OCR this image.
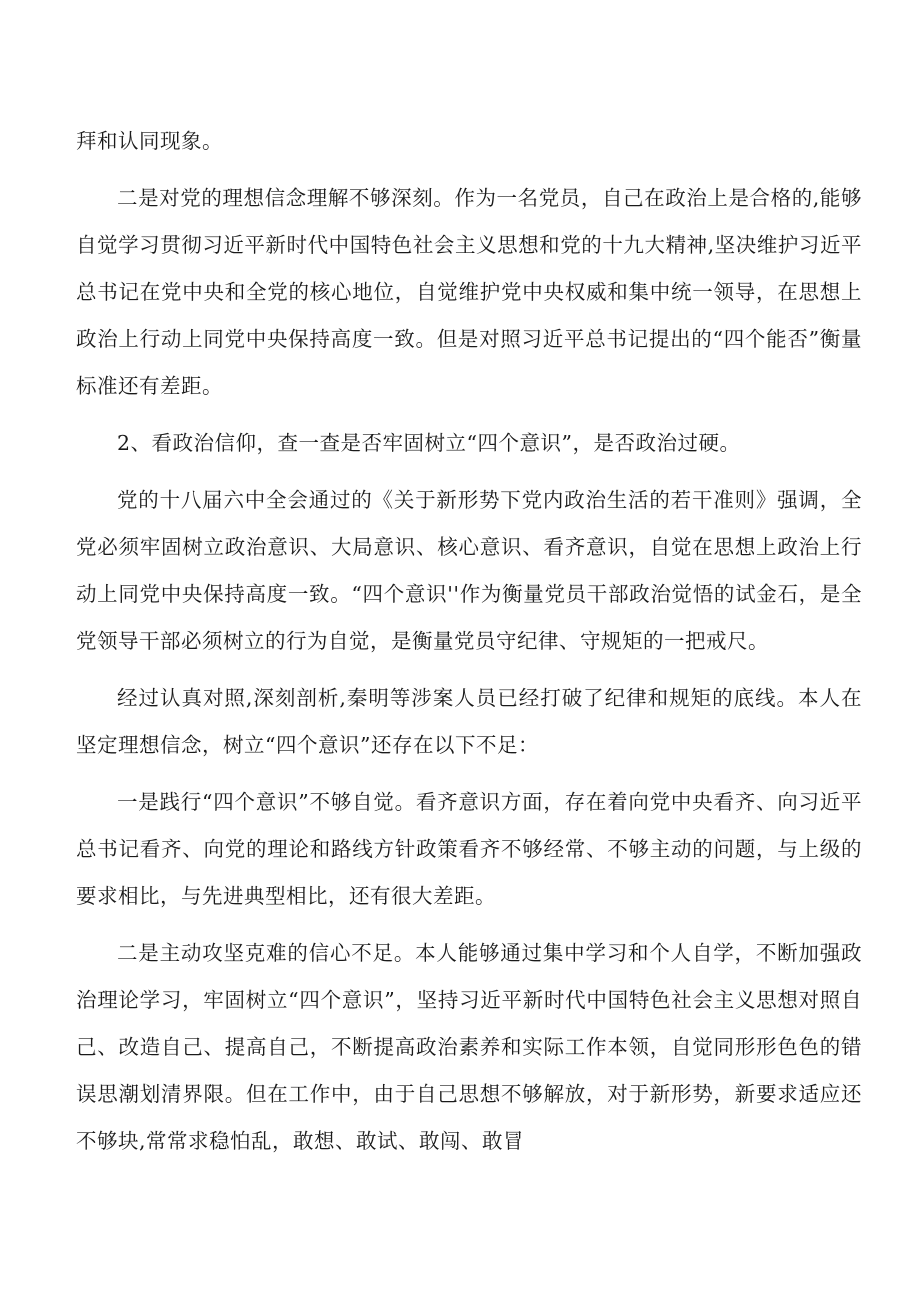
拜和认同现象。

二是对党的理想信念理解不够深刻。作为一名党员，自己在政治上是合格的,能够自觉学习贯彻习近平新时代中国特色社会主义思想和党的十九大精神,坚决维护习近平总书记在党中央和全党的核心地位，自觉维护党中央权威和集中统一领导，在思想上政治上行动上同党中央保持高度一致。但是对照习近平总书记提出的“四个能否”衡量标准还有差距。

2、看政治信仰，查一查是否牢固树立“四个意识”，是否政治过硬。

党的十八届六中全会通过的《关于新形势下党内政治生活的若干准则》强调，全党必须牢固树立政治意识、大局意识、核心意识、看齐意识，自觉在思想上政治上行动上同党中央保持高度一致。“四个意识''作为衡量党员干部政治觉悟的试金石，是全党领导干部必须树立的行为自觉，是衡量党员守纪律、守规矩的一把戒尺。

经过认真对照,深刻剖析,秦明等涉案人员已经打破了纪律和规矩的底线。本人在坚定理想信念，树立“四个意识”还存在以下不足：

一是践行“四个意识”不够自觉。看齐意识方面，存在着向党中央看齐、向习近平总书记看齐、向党的理论和路线方针政策看齐不够经常、不够主动的问题，与上级的要求相比，与先进典型相比，还有很大差距。

二是主动攻坚克难的信心不足。本人能够通过集中学习和个人自学，不断加强政治理论学习，牢固树立“四个意识”，坚持习近平新时代中国特色社会主义思想对照自己、改造自己、提高自己，不断提高政治素养和实际工作本领，自觉同形形色色的错误思潮划清界限。但在工作中，由于自己思想不够解放，对于新形势，新要求适应还不够块,常常求稳怕乱，敢想、敢试、敢闯、敢冒
